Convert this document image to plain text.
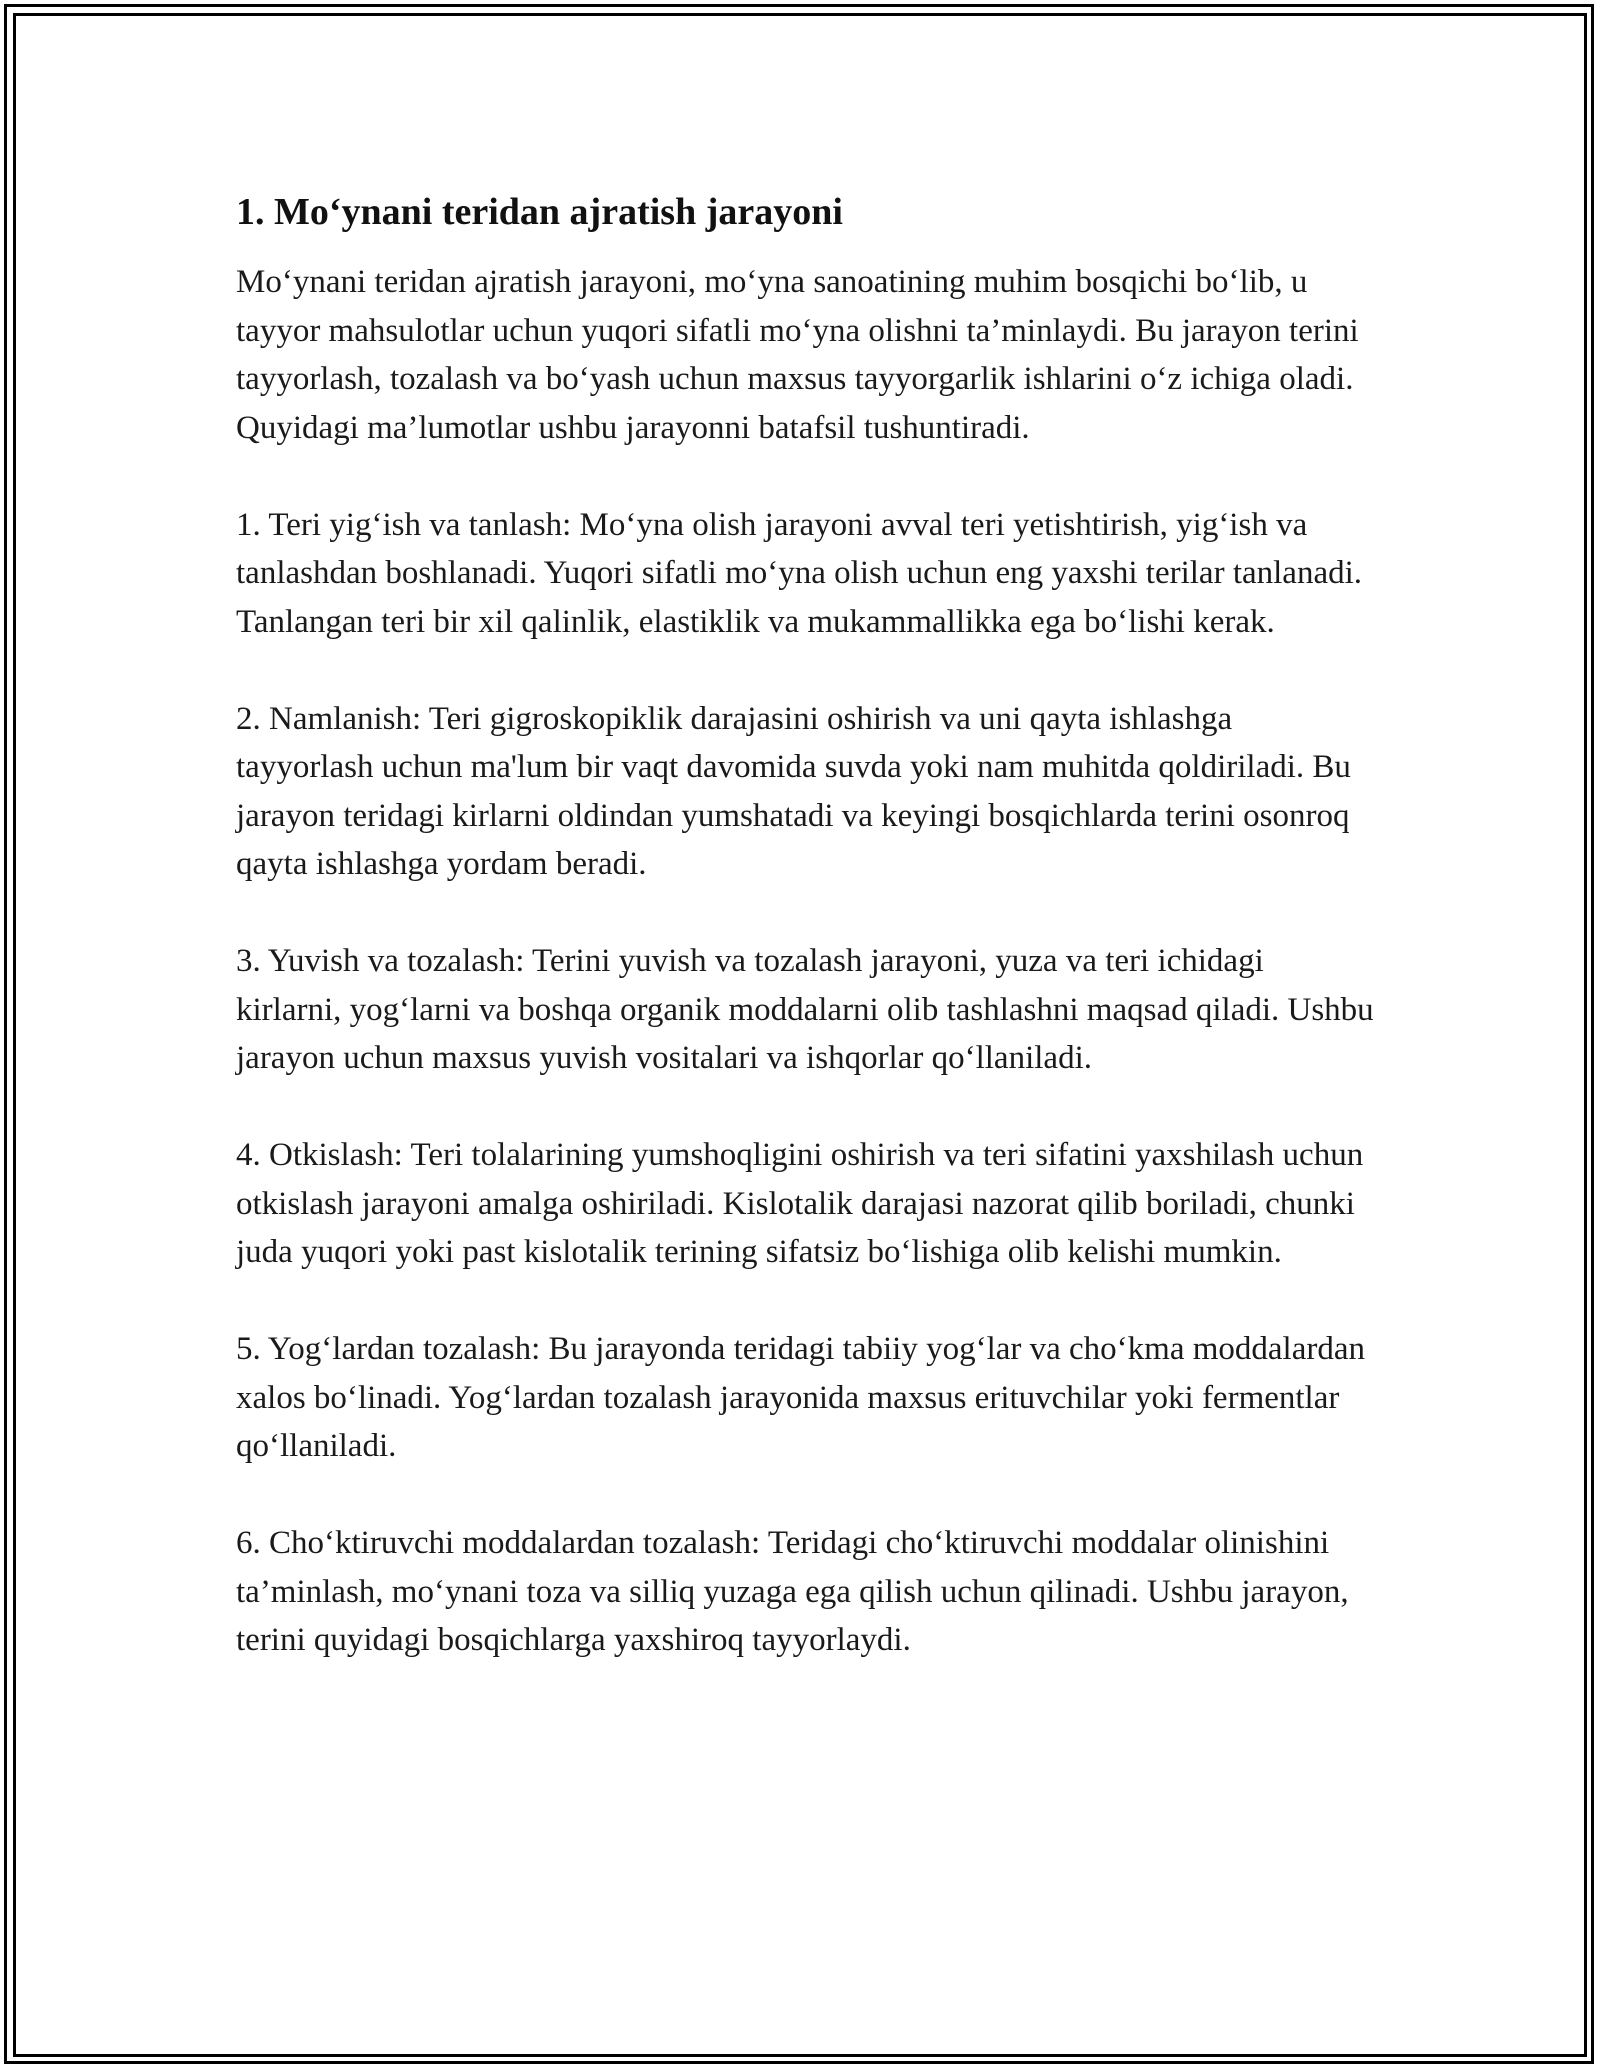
1. Mo‘ynani teridan ajratish jarayoni

Mo‘ynani teridan ajratish jarayoni, mo‘yna sanoatining muhim bosqichi bo‘lib, u tayyor mahsulotlar uchun yuqori sifatli mo‘yna olishni ta’minlaydi. Bu jarayon terini tayyorlash, tozalash va bo‘yash uchun maxsus tayyorgarlik ishlarini o‘z ichiga oladi. Quyidagi ma’lumotlar ushbu jarayonni batafsil tushuntiradi.

1. Teri yig‘ish va tanlash: Mo‘yna olish jarayoni avval teri yetishtirish, yig‘ish va tanlashdan boshlanadi. Yuqori sifatli mo‘yna olish uchun eng yaxshi terilar tanlanadi. Tanlangan teri bir xil qalinlik, elastiklik va mukammallikka ega bo‘lishi kerak.

2. Namlanish: Teri gigroskopiklik darajasini oshirish va uni qayta ishlashga tayyorlash uchun ma'lum bir vaqt davomida suvda yoki nam muhitda qoldiriladi. Bu jarayon teridagi kirlarni oldindan yumshatadi va keyingi bosqichlarda terini osonroq qayta ishlashga yordam beradi.

3. Yuvish va tozalash: Terini yuvish va tozalash jarayoni, yuza va teri ichidagi kirlarni, yog‘larni va boshqa organik moddalarni olib tashlashni maqsad qiladi. Ushbu jarayon uchun maxsus yuvish vositalari va ishqorlar qo‘llaniladi.

4. Otkislash: Teri tolalarining yumshoqligini oshirish va teri sifatini yaxshilash uchun otkislash jarayoni amalga oshiriladi. Kislotalik darajasi nazorat qilib boriladi, chunki juda yuqori yoki past kislotalik terining sifatsiz bo‘lishiga olib kelishi mumkin.

5. Yog‘lardan tozalash: Bu jarayonda teridagi tabiiy yog‘lar va cho‘kma moddalardan xalos bo‘linadi. Yog‘lardan tozalash jarayonida maxsus erituvchilar yoki fermentlar qo‘llaniladi.

6. Cho‘ktiruvchi moddalardan tozalash: Teridagi cho‘ktiruvchi moddalar olinishini ta’minlash, mo‘ynani toza va silliq yuzaga ega qilish uchun qilinadi. Ushbu jarayon, terini quyidagi bosqichlarga yaxshiroq tayyorlaydi.
